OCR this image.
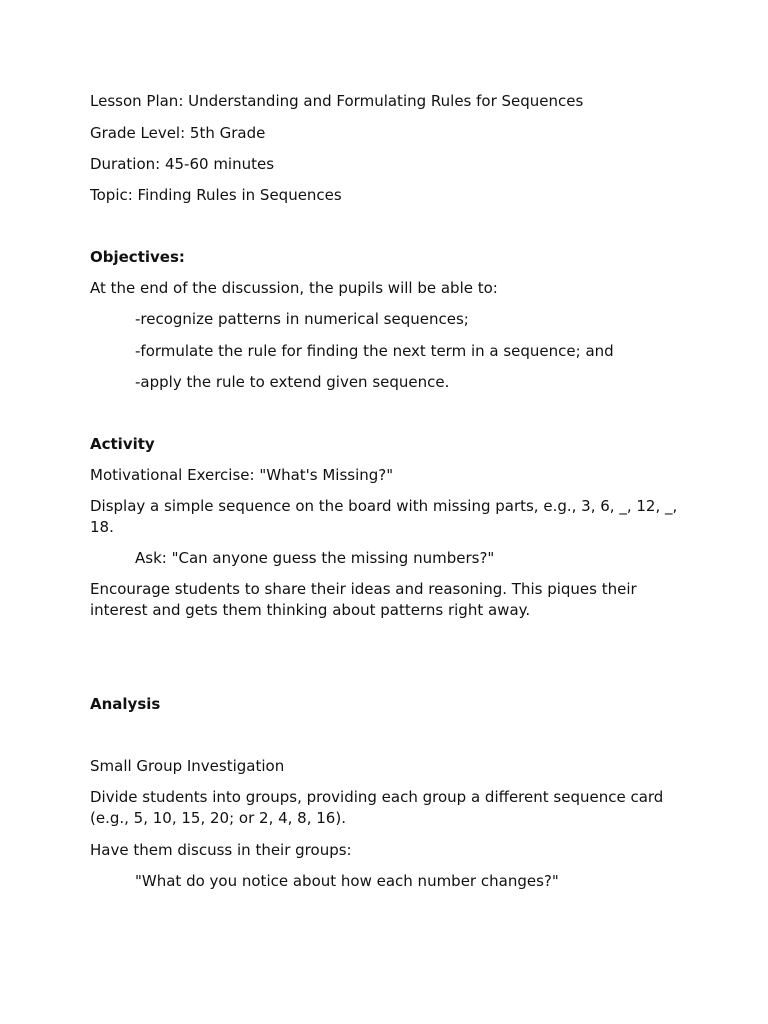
Lesson Plan: Understanding and Formulating Rules for Sequences
Grade Level: 5th Grade
Duration: 45-60 minutes
Topic: Finding Rules in Sequences
Objectives:
At the end of the discussion, the pupils will be able to:
-recognize patterns in numerical sequences;
-formulate the rule for finding the next term in a sequence; and
-apply the rule to extend given sequence.
Activity
Motivational Exercise: "What's Missing?"
Display a simple sequence on the board with missing parts, e.g., 3, 6, _, 12, _, 18.
Ask: "Can anyone guess the missing numbers?"
Encourage students to share their ideas and reasoning. This piques their interest and gets them thinking about patterns right away.
Analysis
Small Group Investigation
Divide students into groups, providing each group a different sequence card (e.g., 5, 10, 15, 20; or 2, 4, 8, 16).
Have them discuss in their groups:
"What do you notice about how each number changes?"
